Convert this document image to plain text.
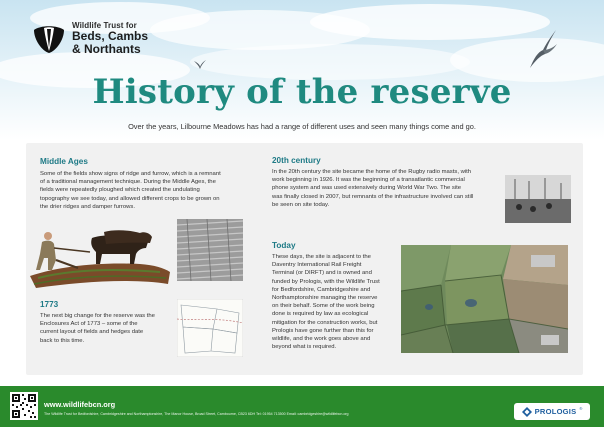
Wildlife Trust for
Beds, Cambs
& Northants
History of the reserve

Over the years, Lilbourne Meadows has had a range of different uses and seen many things come and go.

Middle Ages
Some of the fields show signs of ridge and furrow, which is a remnant
of a traditional management technique. During the Middle Ages, the
fields were repeatedly ploughed which created the undulating
topography we see today, and allowed different crops to be grown on
the drier ridges and damper furrows.
1773
The next big change for the reserve was the
Enclosures Act of 1773 – some of the
current layout of fields and hedges date
back to this time.
20th century
In the 20th century the site became the home of the Rugby radio masts, with
work beginning in 1926. It was the beginning of a transatlantic commercial
phone system and was used extensively during World War Two. The site
was finally closed in 2007, but remnants of the infrastructure involved can still
be seen on site today.
Today
These days, the site is adjacent to the
Daventry International Rail Freight
Terminal (or DIRFT) and is owned and
funded by Prologis, with the Wildlife Trust
for Bedfordshire, Cambridgeshire and
Northamptonshire managing the reserve
on their behalf. Some of the work being
done is required by law as ecological
mitigation for the construction works, but
Prologis have gone further than this for
wildlife, and the work goes above and
beyond what is required.
www.wildlifebcn.org
The Wildlife Trust for Bedfordshire, Cambridgeshire and Northamptonshire, The Manor House, Broad Street, Cambourne, CB23 6DH Tel: 01954 713500 Email: cambridgeshire@wildlifebcn.org	PROLOGIS ®
